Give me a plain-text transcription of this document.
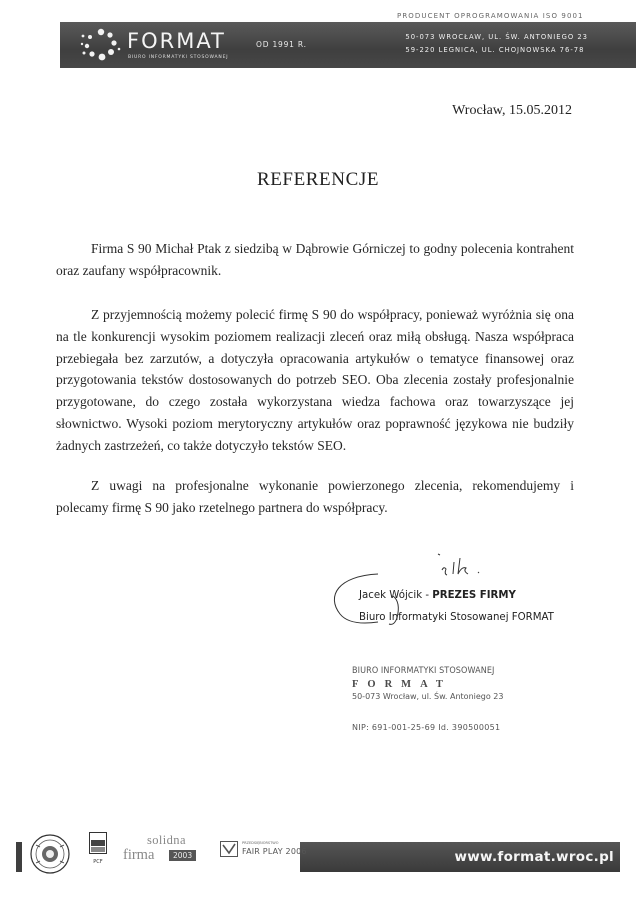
PRODUCENT OPROGRAMOWANIA ISO 9001
FORMAT
BIURO INFORMATYKI STOSOWANEJ
OD 1991 R.
50-073 WROCŁAW, UL. ŚW. ANTONIEGO 23
59-220 LEGNICA, UL. CHOJNOWSKA 76-78
Wrocław, 15.05.2012
REFERENCJE
Firma S 90 Michał Ptak z siedzibą w Dąbrowie Górniczej to godny polecenia kontrahent oraz zaufany współpracownik.
Z przyjemnością możemy polecić firmę S 90 do współpracy, ponieważ wyróżnia się ona na tle konkurencji wysokim poziomem realizacji zleceń oraz miłą obsługą. Nasza współpraca przebiegała bez zarzutów, a dotyczyła opracowania artykułów o tematyce finansowej oraz przygotowania tekstów dostosowanych do potrzeb SEO. Oba zlecenia zostały profesjonalnie przygotowane, do czego została wykorzystana wiedza fachowa oraz towarzyszące jej słownictwo. Wysoki poziom merytoryczny artykułów oraz poprawność językowa nie budziły żadnych zastrzeżeń, co także dotyczyło tekstów SEO.
Z uwagi na profesjonalne wykonanie powierzonego zlecenia, rekomendujemy i polecamy firmę S 90 jako rzetelnego partnera do współpracy.
Jacek Wójcik - PREZES FIRMY
Biuro Informatyki Stosowanej FORMAT
BIURO INFORMATYKI STOSOWANEJ
FORMAT
50-073 Wrocław, ul. Św. Antoniego 23
NIP: 691-001-25-69 Id. 390500051
www.format.wroc.pl
PCF
solidna
firma	2003
PRZEDSIĘBIORSTWO
FAIR PLAY 2006
